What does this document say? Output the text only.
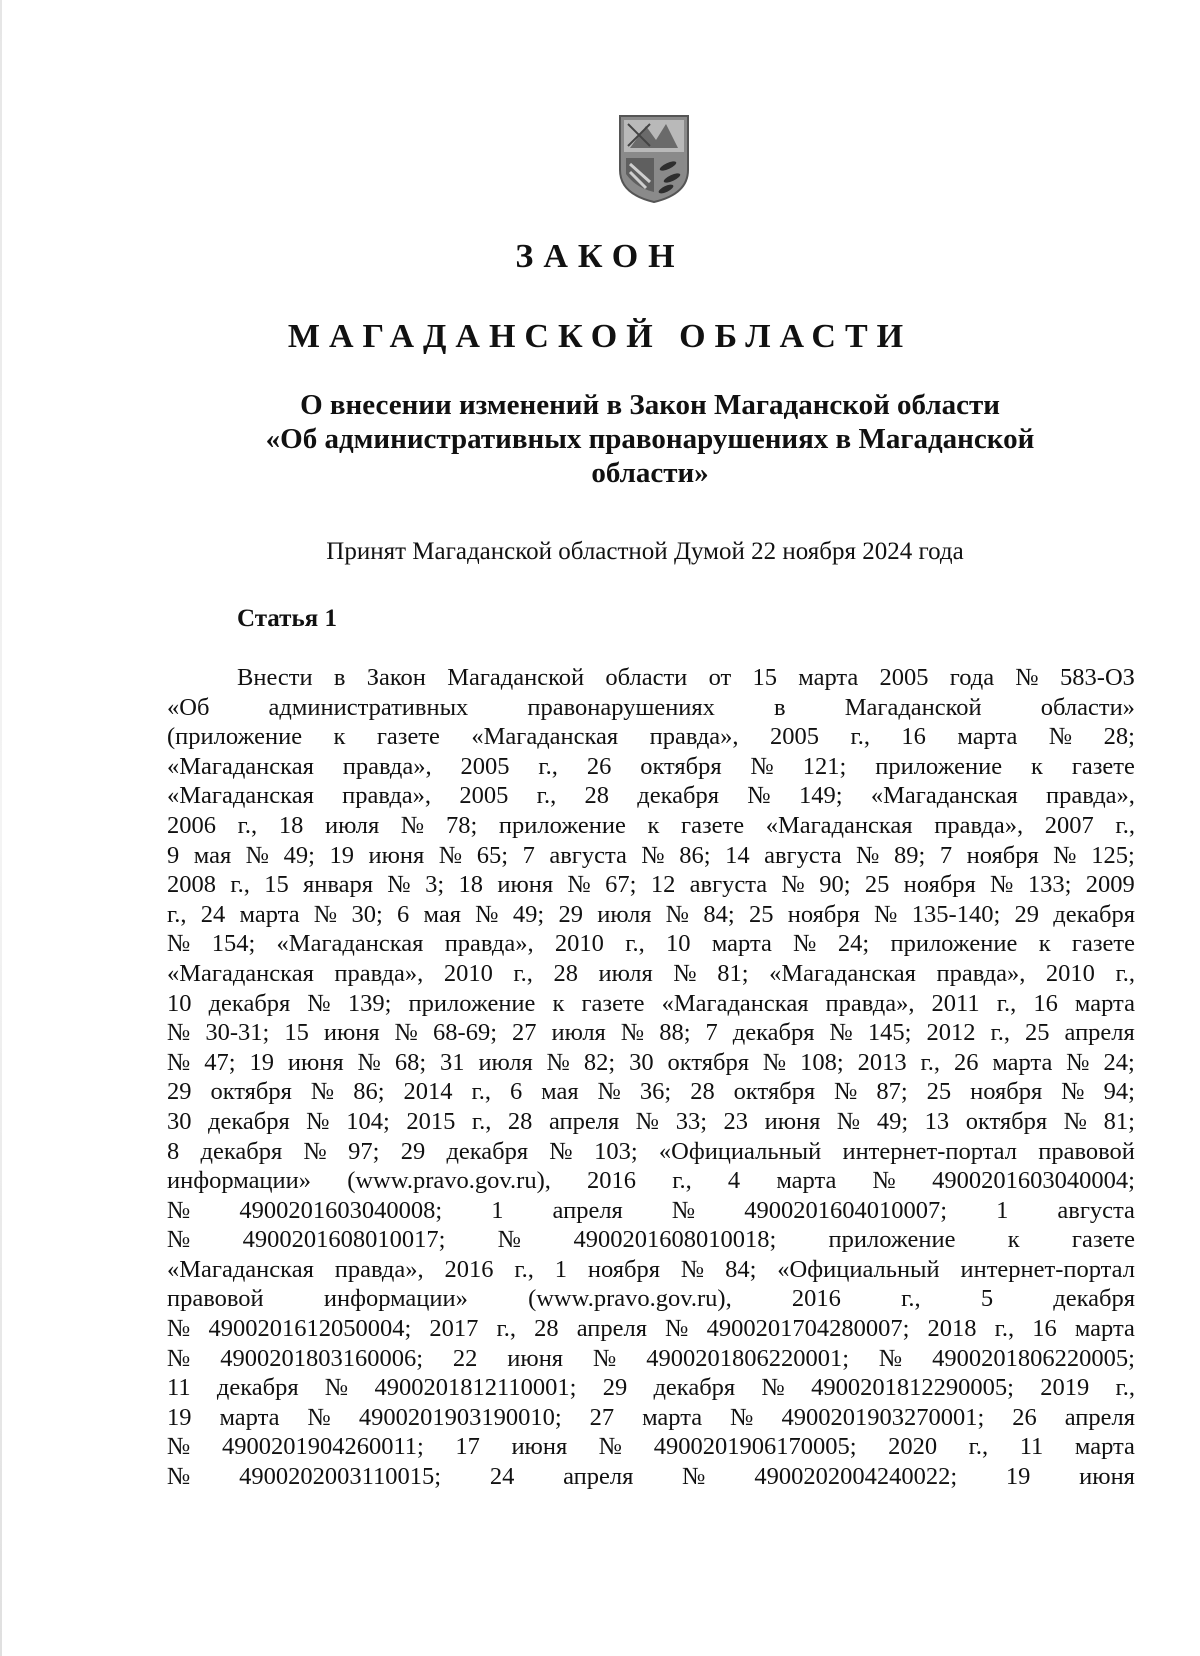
ЗАКОН
МАГАДАНСКОЙ ОБЛАСТИ
О внесении изменений в Закон Магаданской области
«Об административных правонарушениях в Магаданской
области»
Принят Магаданской областной Думой 22 ноября 2024 года
Статья 1
Внести в Закон Магаданской области от 15 марта 2005 года № 583-ОЗ
«Об административных правонарушениях в Магаданской области»
(приложение к газете «Магаданская правда», 2005 г., 16 марта № 28;
«Магаданская правда», 2005 г., 26 октября № 121; приложение к газете
«Магаданская правда», 2005 г., 28 декабря № 149; «Магаданская правда»,
2006 г., 18 июля № 78; приложение к газете «Магаданская правда», 2007 г.,
9 мая № 49; 19 июня № 65; 7 августа № 86; 14 августа № 89; 7 ноября № 125;
2008 г., 15 января № 3; 18 июня № 67; 12 августа № 90; 25 ноября № 133; 2009
г., 24 марта № 30; 6 мая № 49; 29 июля № 84; 25 ноября № 135-140; 29 декабря
№ 154; «Магаданская правда», 2010 г., 10 марта № 24; приложение к газете
«Магаданская правда», 2010 г., 28 июля № 81; «Магаданская правда», 2010 г.,
10 декабря № 139; приложение к газете «Магаданская правда», 2011 г., 16 марта
№ 30-31; 15 июня № 68-69; 27 июля № 88; 7 декабря № 145; 2012 г., 25 апреля
№ 47; 19 июня № 68; 31 июля № 82; 30 октября № 108; 2013 г., 26 марта № 24;
29 октября № 86; 2014 г., 6 мая № 36; 28 октября № 87; 25 ноября № 94;
30 декабря № 104; 2015 г., 28 апреля № 33; 23 июня № 49; 13 октября № 81;
8 декабря № 97; 29 декабря № 103; «Официальный интернет-портал правовой
информации» (www.pravo.gov.ru), 2016 г., 4 марта № 4900201603040004;
№ 4900201603040008; 1 апреля № 4900201604010007; 1 августа
№ 4900201608010017; № 4900201608010018; приложение к газете
«Магаданская правда», 2016 г., 1 ноября № 84; «Официальный интернет-портал
правовой информации» (www.pravo.gov.ru), 2016 г., 5 декабря
№ 4900201612050004; 2017 г., 28 апреля № 4900201704280007; 2018 г., 16 марта
№ 4900201803160006; 22 июня № 4900201806220001; № 4900201806220005;
11 декабря № 4900201812110001; 29 декабря № 4900201812290005; 2019 г.,
19 марта № 4900201903190010; 27 марта № 4900201903270001; 26 апреля
№ 4900201904260011; 17 июня № 4900201906170005; 2020 г., 11 марта
№ 4900202003110015; 24 апреля № 4900202004240022; 19 июня
